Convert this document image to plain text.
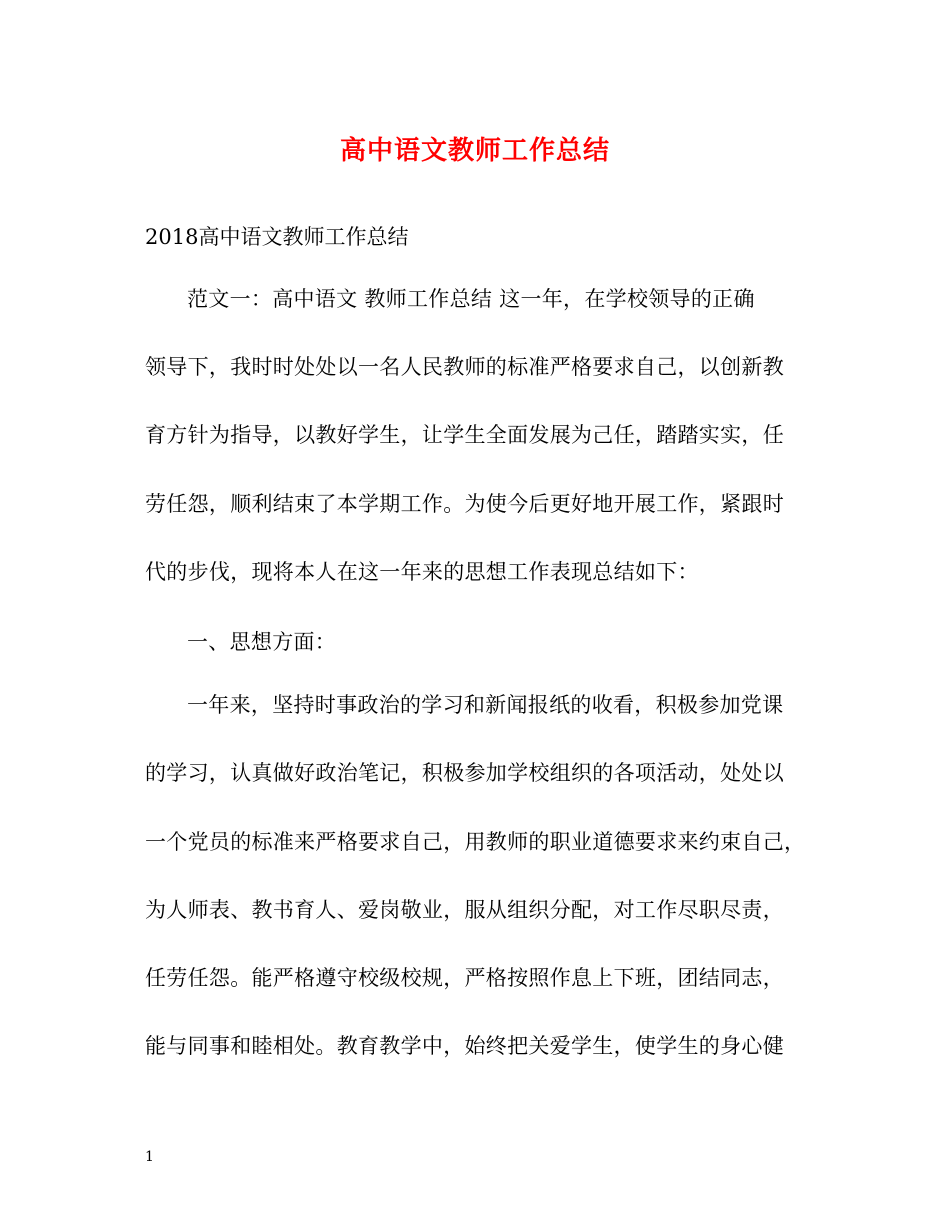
高中语文教师工作总结
2018高中语文教师工作总结
范文一：高中语文 教师工作总结 这一年，在学校领导的正确
领导下，我时时处处以一名人民教师的标准严格要求自己，以创新教
育方针为指导，以教好学生，让学生全面发展为己任，踏踏实实，任
劳任怨，顺利结束了本学期工作。为使今后更好地开展工作，紧跟时
代的步伐，现将本人在这一年来的思想工作表现总结如下：
一、思想方面：
一年来，坚持时事政治的学习和新闻报纸的收看，积极参加党课
的学习，认真做好政治笔记，积极参加学校组织的各项活动，处处以
一个党员的标准来严格要求自己，用教师的职业道德要求来约束自己，
为人师表、教书育人、爱岗敬业，服从组织分配，对工作尽职尽责，
任劳任怨。能严格遵守校级校规，严格按照作息上下班，团结同志，
能与同事和睦相处。教育教学中，始终把关爱学生，使学生的身心健
1
